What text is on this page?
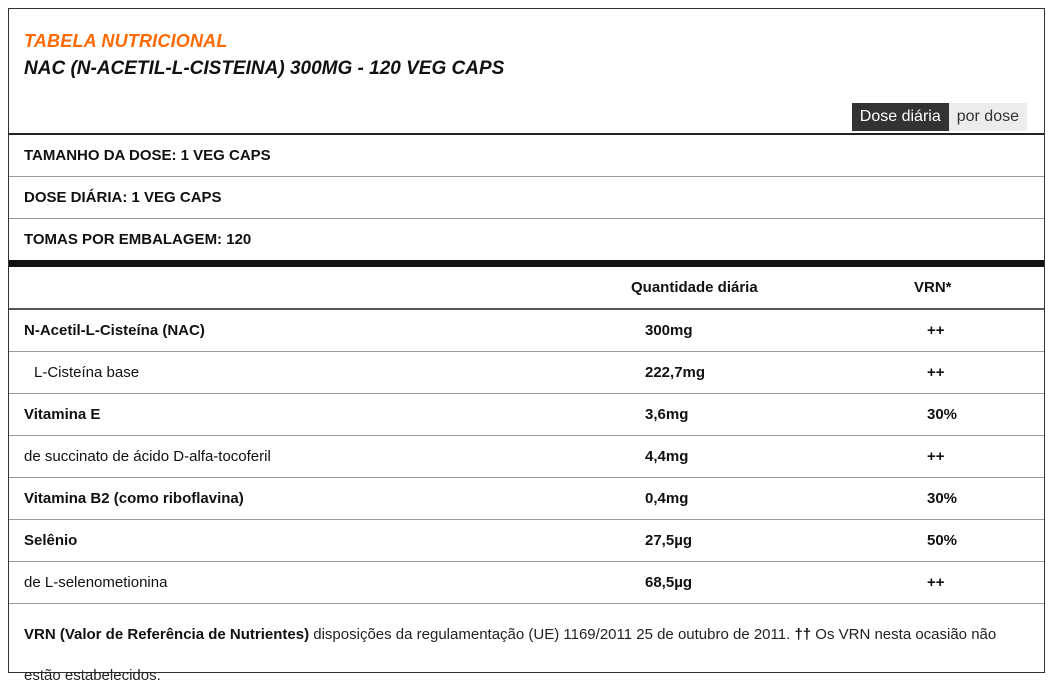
TABELA NUTRICIONAL
NAC (N-ACETIL-L-CISTEINA) 300MG - 120 VEG CAPS
Dose diária	por dose
TAMANHO DA DOSE: 1 VEG CAPS
DOSE DIÁRIA: 1 VEG CAPS
TOMAS POR EMBALAGEM: 120
Quantidade diária	VRN*
N-Acetil-L-Cisteína (NAC)	300mg	++
L-Cisteína base	222,7mg	++
Vitamina E	3,6mg	30%
de succinato de ácido D-alfa-tocoferil	4,4mg	++
Vitamina B2 (como riboflavina)	0,4mg	30%
Selênio	27,5µg	50%
de L-selenometionina	68,5µg	++
VRN (Valor de Referência de Nutrientes) disposições da regulamentação (UE) 1169/2011 25 de outubro de 2011. †† Os VRN nesta ocasião não estão estabelecidos.
